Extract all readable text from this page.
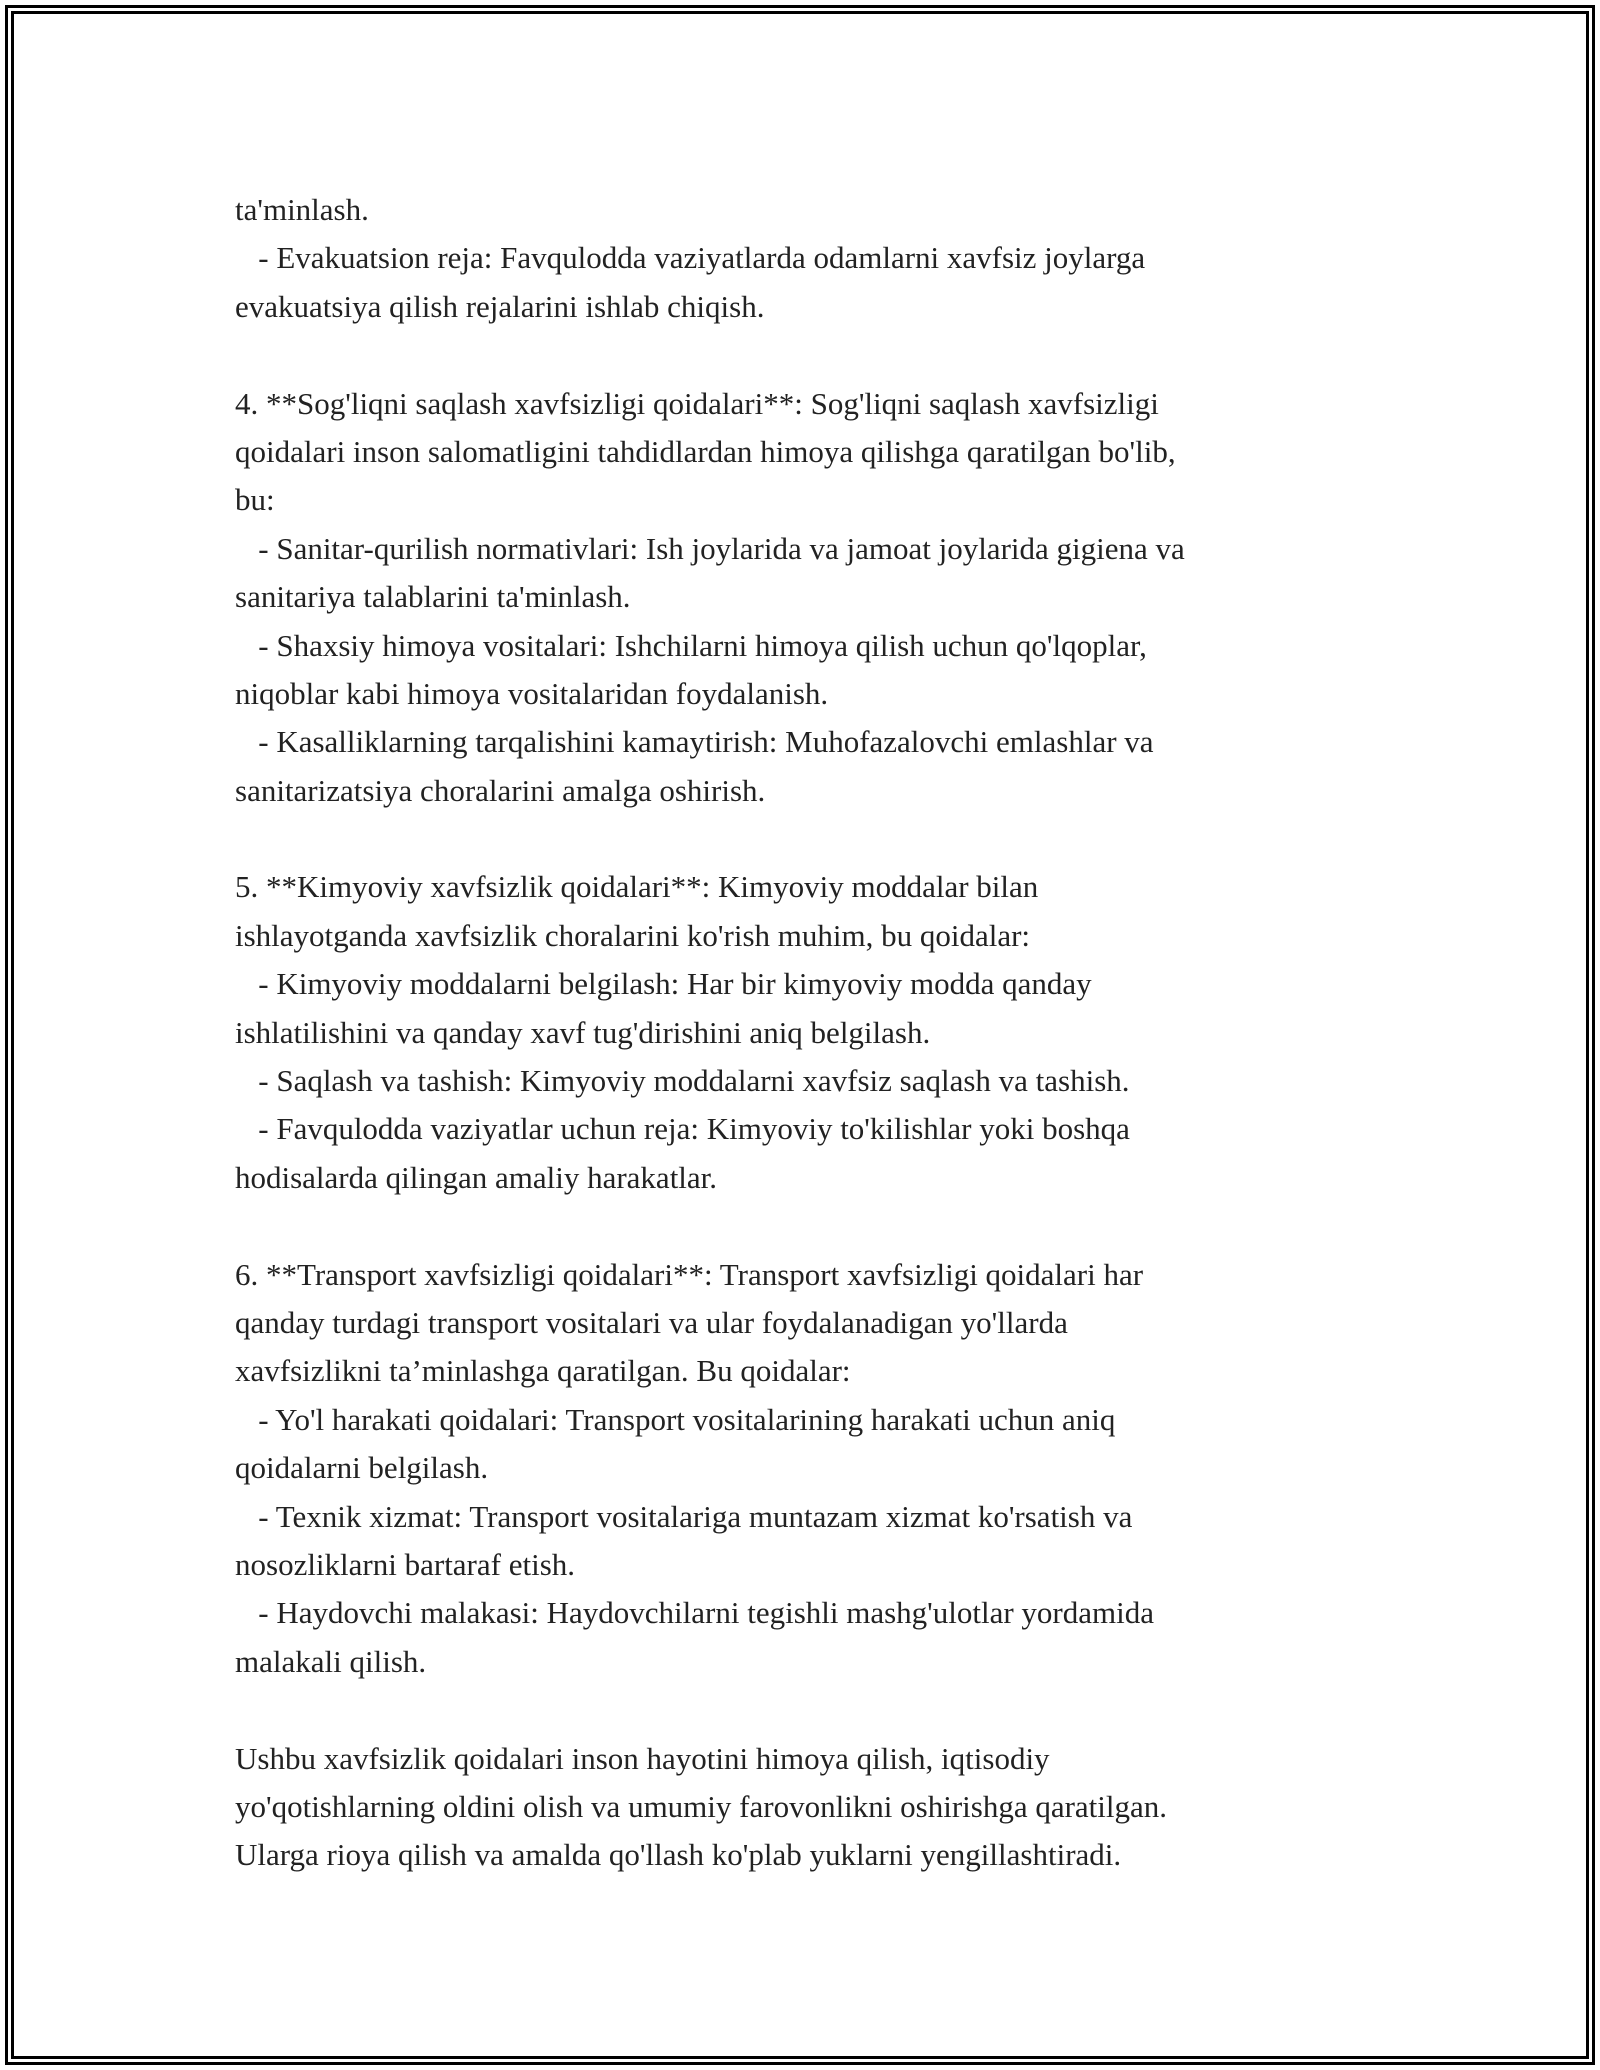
ta'minlash.
- Evakuatsion reja: Favqulodda vaziyatlarda odamlarni xavfsiz joylarga
evakuatsiya qilish rejalarini ishlab chiqish.
4. **Sog'liqni saqlash xavfsizligi qoidalari**: Sog'liqni saqlash xavfsizligi
qoidalari inson salomatligini tahdidlardan himoya qilishga qaratilgan bo'lib,
bu:
- Sanitar-qurilish normativlari: Ish joylarida va jamoat joylarida gigiena va
sanitariya talablarini ta'minlash.
- Shaxsiy himoya vositalari: Ishchilarni himoya qilish uchun qo'lqoplar,
niqoblar kabi himoya vositalaridan foydalanish.
- Kasalliklarning tarqalishini kamaytirish: Muhofazalovchi emlashlar va
sanitarizatsiya choralarini amalga oshirish.
5. **Kimyoviy xavfsizlik qoidalari**: Kimyoviy moddalar bilan
ishlayotganda xavfsizlik choralarini ko'rish muhim, bu qoidalar:
- Kimyoviy moddalarni belgilash: Har bir kimyoviy modda qanday
ishlatilishini va qanday xavf tug'dirishini aniq belgilash.
- Saqlash va tashish: Kimyoviy moddalarni xavfsiz saqlash va tashish.
- Favqulodda vaziyatlar uchun reja: Kimyoviy to'kilishlar yoki boshqa
hodisalarda qilingan amaliy harakatlar.
6. **Transport xavfsizligi qoidalari**: Transport xavfsizligi qoidalari har
qanday turdagi transport vositalari va ular foydalanadigan yo'llarda
xavfsizlikni ta’minlashga qaratilgan. Bu qoidalar:
- Yo'l harakati qoidalari: Transport vositalarining harakati uchun aniq
qoidalarni belgilash.
- Texnik xizmat: Transport vositalariga muntazam xizmat ko'rsatish va
nosozliklarni bartaraf etish.
- Haydovchi malakasi: Haydovchilarni tegishli mashg'ulotlar yordamida
malakali qilish.
Ushbu xavfsizlik qoidalari inson hayotini himoya qilish, iqtisodiy
yo'qotishlarning oldini olish va umumiy farovonlikni oshirishga qaratilgan.
Ularga rioya qilish va amalda qo'llash ko'plab yuklarni yengillashtiradi.
